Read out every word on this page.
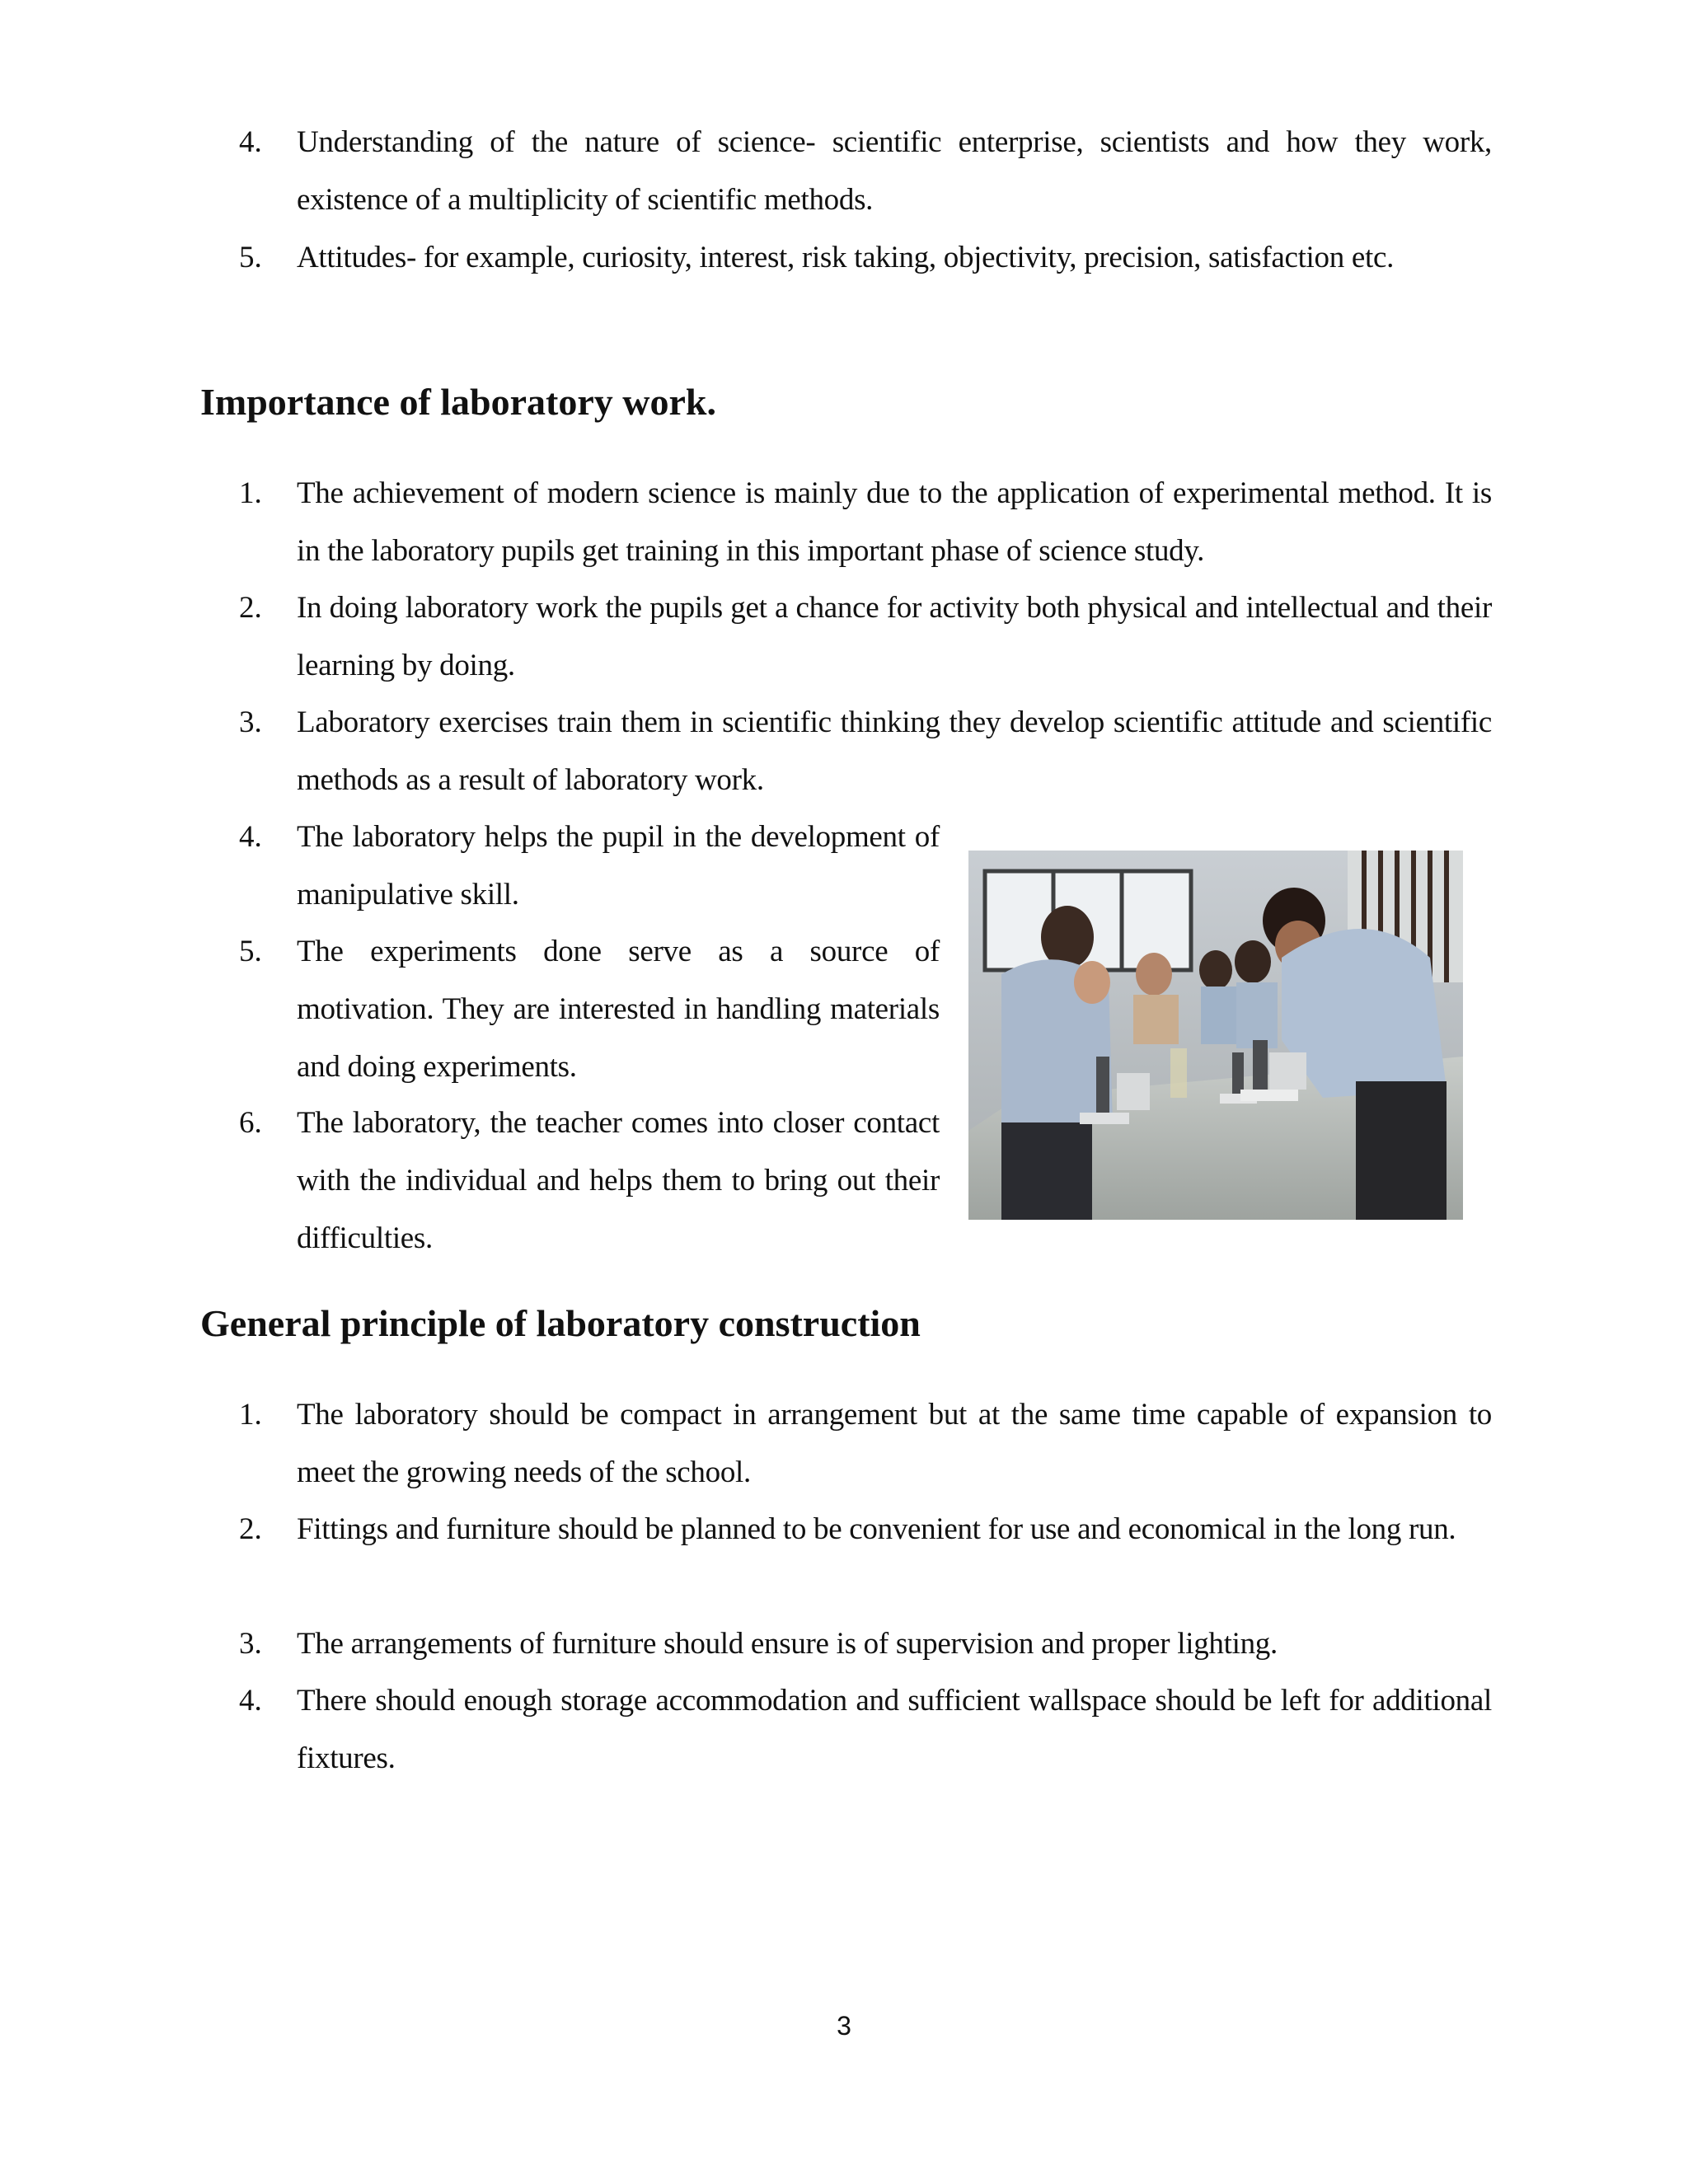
4.	Understanding of the nature of science- scientific enterprise, scientists and how they work, existence of a multiplicity of scientific methods.
5.	Attitudes- for example, curiosity, interest, risk taking, objectivity, precision, satisfaction etc.
Importance of laboratory work.
1.	The achievement of modern science is mainly due to the application of experimental method. It is in the laboratory pupils get training in this important phase of science study.
2.	In doing laboratory work the pupils get a chance for activity both physical and intellectual and their learning by doing.
3.	Laboratory exercises train them in scientific thinking they develop scientific attitude and scientific methods as a result of laboratory work.
4.	The laboratory helps the pupil in the development of manipulative skill.
5.	The experiments done serve as a source of motivation. They are interested in handling materials and doing experiments.
6.	The laboratory, the teacher comes into closer contact with the individual and helps them to bring out their difficulties.
General principle of laboratory construction
1.	The laboratory should be compact in arrangement but at the same time capable of expansion to meet the growing needs of the school.
2.	Fittings and furniture should be planned to be convenient for use and economical in the long run.
3.	The arrangements of furniture should ensure is of supervision and proper lighting.
4.	There should enough storage accommodation and sufficient wallspace should be left for additional fixtures.
3
